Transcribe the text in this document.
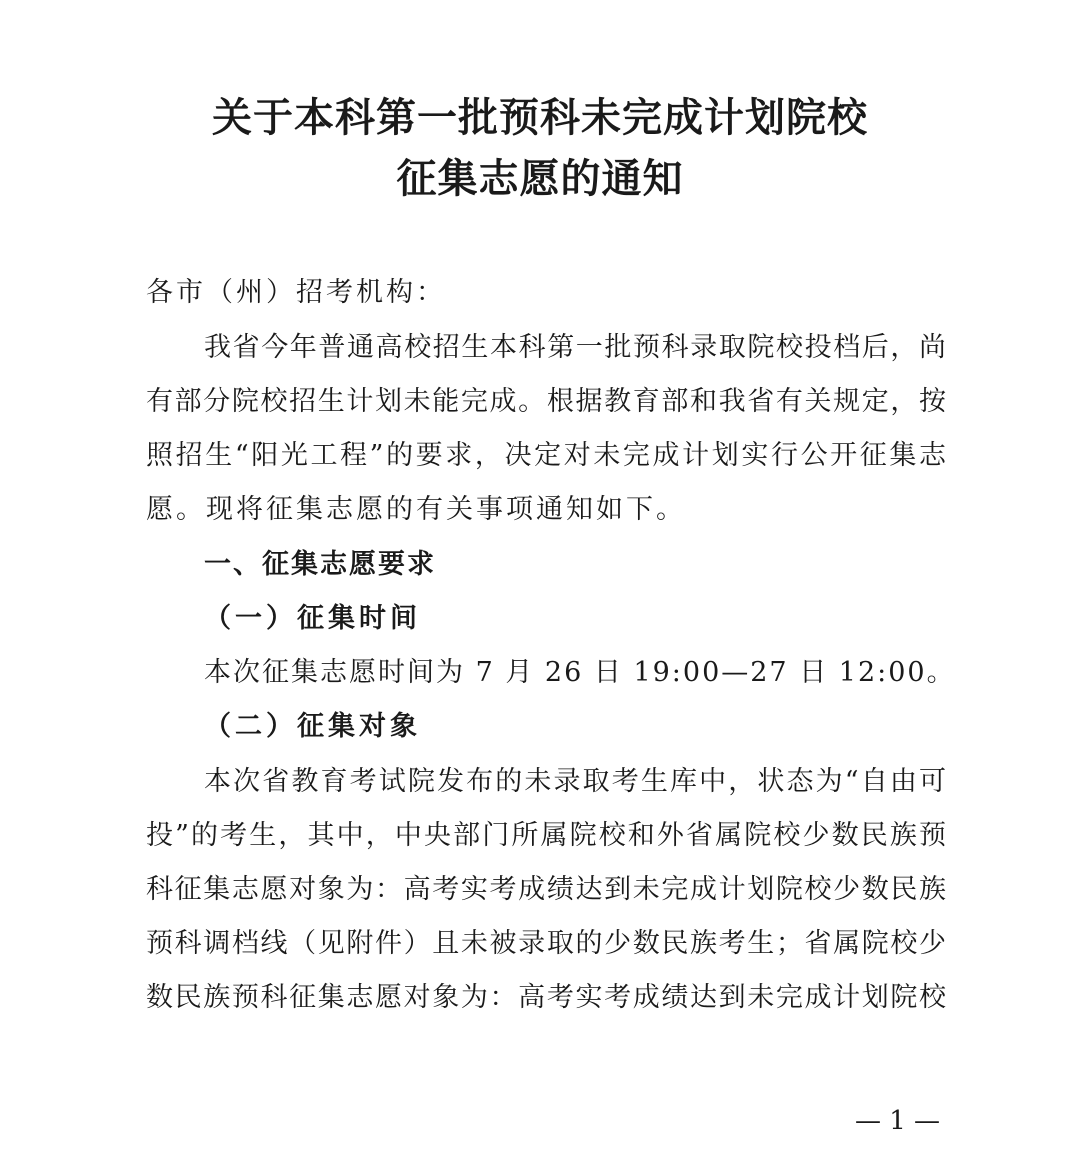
关于本科第一批预科未完成计划院校
征集志愿的通知
各市（州）招考机构：
我省今年普通高校招生本科第一批预科录取院校投档后，尚
有部分院校招生计划未能完成。根据教育部和我省有关规定，按
照招生“阳光工程”的要求，决定对未完成计划实行公开征集志
愿。现将征集志愿的有关事项通知如下。
一、征集志愿要求
（一）征集时间
本次征集志愿时间为 7 月 26 日 19:00—27 日 12:00。
（二）征集对象
本次省教育考试院发布的未录取考生库中，状态为“自由可
投”的考生，其中，中央部门所属院校和外省属院校少数民族预
科征集志愿对象为：高考实考成绩达到未完成计划院校少数民族
预科调档线（见附件）且未被录取的少数民族考生；省属院校少
数民族预科征集志愿对象为：高考实考成绩达到未完成计划院校
— 1 —
